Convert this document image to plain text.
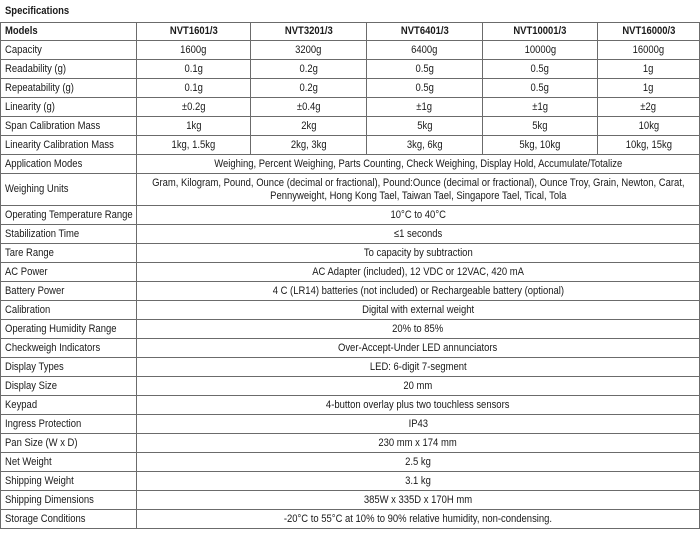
Specifications
Models	NVT1601/3	NVT3201/3	NVT6401/3	NVT10001/3	NVT16000/3
Capacity	1600g	3200g	6400g	10000g	16000g
Readability (g)	0.1g	0.2g	0.5g	0.5g	1g
Repeatability (g)	0.1g	0.2g	0.5g	0.5g	1g
Linearity (g)	±0.2g	±0.4g	±1g	±1g	±2g
Span Calibration Mass	1kg	2kg	5kg	5kg	10kg
Linearity Calibration Mass	1kg, 1.5kg	2kg, 3kg	3kg, 6kg	5kg, 10kg	10kg, 15kg
Application Modes	Weighing, Percent Weighing, Parts Counting, Check Weighing, Display Hold, Accumulate/Totalize				
Weighing Units	Gram, Kilogram, Pound, Ounce (decimal or fractional), Pound:Ounce (decimal or fractional), Ounce Troy, Grain, Newton, Carat, Pennyweight, Hong Kong Tael, Taiwan Tael, Singapore Tael, Tical, Tola				

Operating Temperature Range	10°C to 40°C				
Stabilization Time	≤1 seconds				
Tare Range	To capacity by subtraction				
AC Power	AC Adapter (included), 12 VDC or 12VAC, 420 mA				
Battery Power	4 C (LR14) batteries (not included) or Rechargeable battery (optional)				
Calibration	Digital with external weight				
Operating Humidity Range	20% to 85%				
Checkweigh Indicators	Over-Accept-Under LED annunciators				
Display Types	LED: 6-digit 7-segment				
Display Size	20 mm				
Keypad	4-button overlay plus two touchless sensors				
Ingress Protection	IP43				
Pan Size (W x D)	230 mm x 174 mm				
Net Weight	2.5 kg				
Shipping Weight	3.1 kg				
Shipping Dimensions	385W x 335D x 170H mm				
Storage Conditions	-20°C to 55°C at 10% to 90% relative humidity, non-condensing.				
